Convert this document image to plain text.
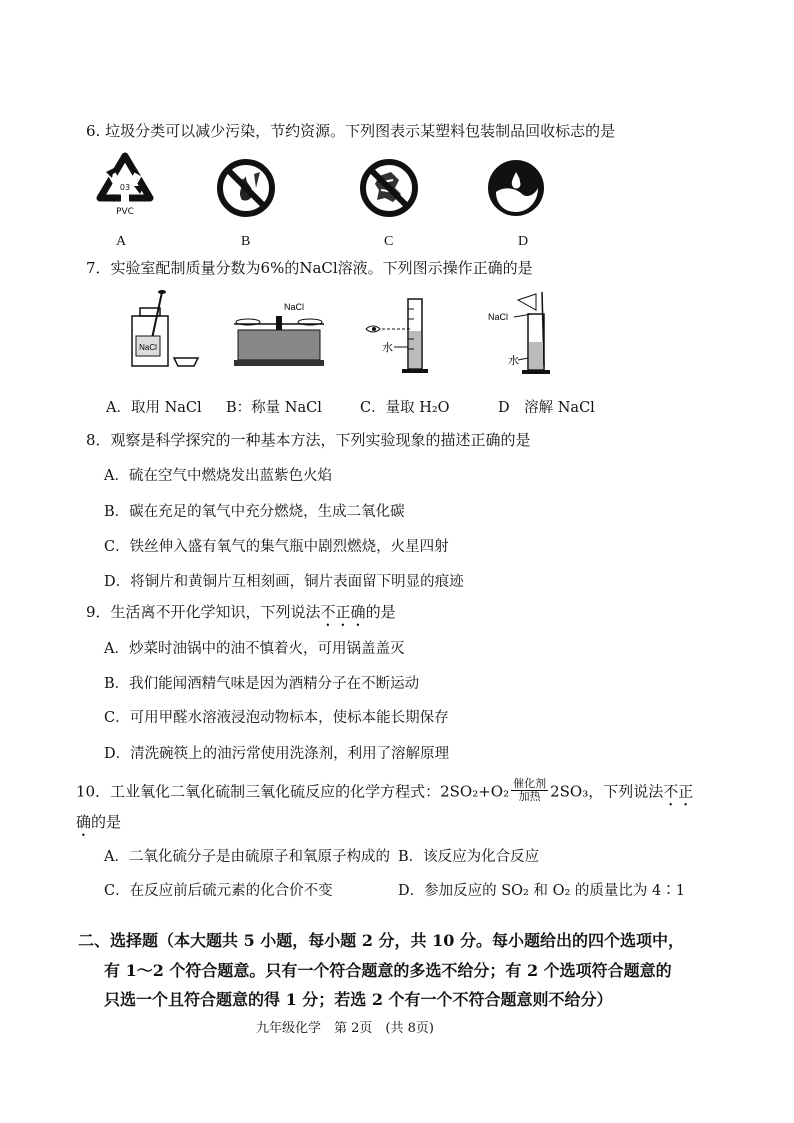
6. 垃圾分类可以减少污染，节约资源。下列图表示某塑料包装制品回收标志的是
03
PVC
A	B	C	D
7．实验室配制质量分数为6%的NaCl溶液。下列图示操作正确的是
NaCl
NaCl
水
NaCl
水
A．取用 NaCl B：称量 NaCl	C．量取 H₂O	D　溶解 NaCl
8．观察是科学探究的一种基本方法，下列实验现象的描述正确的是
A．硫在空气中燃烧发出蓝紫色火焰
B．碳在充足的氧气中充分燃烧，生成二氧化碳
C．铁丝伸入盛有氧气的集气瓶中剧烈燃烧，火星四射
D．将铜片和黄铜片互相刻画，铜片表面留下明显的痕迹
9．生活离不开化学知识，下列说法不正确的是
A．炒菜时油锅中的油不慎着火，可用锅盖盖灭
B．我们能闻酒精气味是因为酒精分子在不断运动
C．可用甲醛水溶液浸泡动物标本，使标本能长期保存
D．清洗碗筷上的油污常使用洗涤剂，利用了溶解原理
10．工业氧化二氧化硫制三氧化硫反应的化学方程式：2SO₂+O₂ 催化剂
加热 2SO₃，下列说法不正
确的是
A．二氧化硫分子是由硫原子和氧原子构成的 B．该反应为化合反应
C．在反应前后硫元素的化合价不变	D．参加反应的 SO₂ 和 O₂ 的质量比为 4∶1
二、选择题（本大题共 5 小题，每小题 2 分，共 10 分。每小题给出的四个选项中，
有 1～2 个符合题意。只有一个符合题意的多选不给分；有 2 个选项符合题意的
只选一个且符合题意的得 1 分；若选 2 个有一个不符合题意则不给分）
九年级化学　第 2页　(共 8页)
